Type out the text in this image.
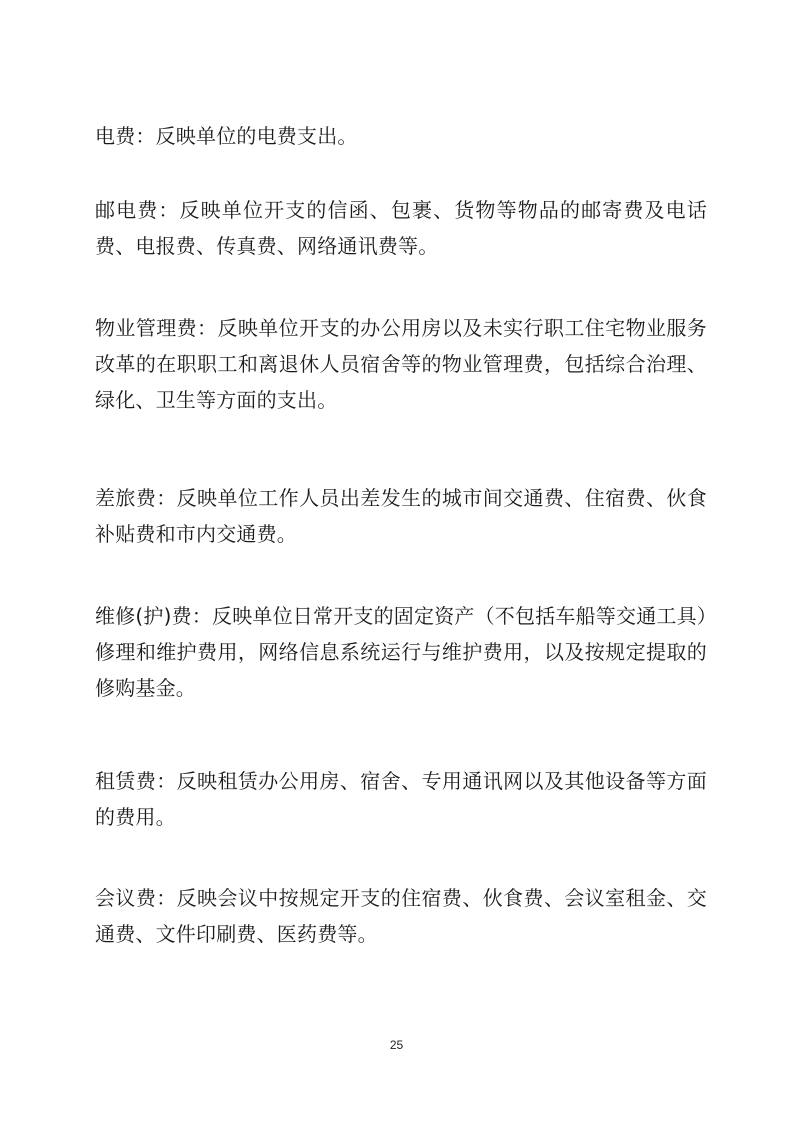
电费：反映单位的电费支出。

邮电费：反映单位开支的信函、包裹、货物等物品的邮寄费及电话费、电报费、传真费、网络通讯费等。

物业管理费：反映单位开支的办公用房以及未实行职工住宅物业服务改革的在职职工和离退休人员宿舍等的物业管理费，包括综合治理、绿化、卫生等方面的支出。

差旅费：反映单位工作人员出差发生的城市间交通费、住宿费、伙食补贴费和市内交通费。

维修(护)费：反映单位日常开支的固定资产（不包括车船等交通工具）修理和维护费用，网络信息系统运行与维护费用，以及按规定提取的修购基金。

租赁费：反映租赁办公用房、宿舍、专用通讯网以及其他设备等方面的费用。

会议费：反映会议中按规定开支的住宿费、伙食费、会议室租金、交通费、文件印刷费、医药费等。

25
